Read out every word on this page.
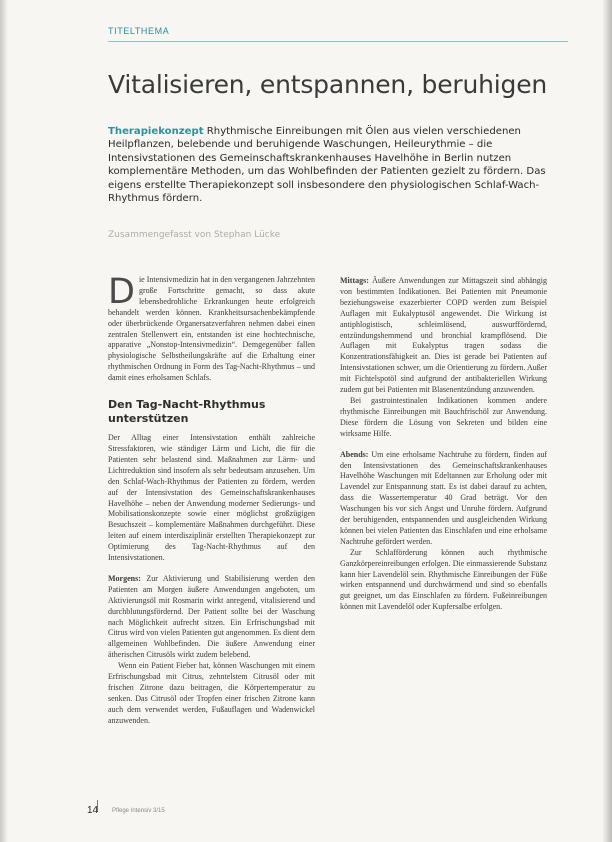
TITELTHEMA
Vitalisieren, entspannen, beruhigen
Therapiekonzept Rhythmische Einreibungen mit Ölen aus vielen verschiedenen Heilpflanzen, belebende und beruhigende Waschungen, Heileurythmie – die Intensivstationen des Gemeinschaftskrankenhauses Havelhöhe in Berlin nutzen komplementäre Methoden, um das Wohlbefinden der Patienten gezielt zu fördern. Das eigens erstellte Therapiekonzept soll insbesondere den physiologischen Schlaf-Wach-Rhythmus fördern.
Zusammengefasst von Stephan Lücke

Die Intensivmedizin hat in den vergangenen Jahrzehnten große Fortschritte gemacht, so dass akute lebensbedrohliche Erkrankungen heute erfolgreich behandelt werden können. Krankheitsursachenbekämpfende oder überbrückende Organersatzverfahren nehmen dabei einen zentralen Stellenwert ein, entstanden ist eine hochtechnische, apparative „Nonstop-Intensivmedizin“. Demgegenüber fallen physiologische Selbstheilungskräfte auf die Erhaltung einer rhythmischen Ordnung in Form des Tag-Nacht-Rhythmus – und damit eines erholsamen Schlafs.

Den Tag-Nacht-Rhythmus unterstützen

Der Alltag einer Intensivstation enthält zahlreiche Stressfaktoren, wie ständiger Lärm und Licht, die für die Patienten sehr belastend sind. Maßnahmen zur Lärm- und Lichtreduktion sind insofern als sehr bedeutsam anzusehen. Um den Schlaf-Wach-Rhythmus der Patienten zu fördern, werden auf der Intensivstation des Gemeinschaftskrankenhauses Havelhöhe – neben der Anwendung moderner Sedierungs- und Mobilisationskonzepte sowie einer möglichst großzügigen Besuchszeit – komplementäre Maßnahmen durchgeführt. Diese leiten auf einem interdisziplinär erstellten Therapiekonzept zur Optimierung des Tag-Nacht-Rhythmus auf den Intensivstationen.

Morgens: Zur Aktivierung und Stabilisierung werden den Patienten am Morgen äußere Anwendungen angeboten, um Aktivierungsöl mit Rosmarin wirkt anregend, vitalisierend und durchblutungsfördernd. Der Patient sollte bei der Waschung nach Möglichkeit aufrecht sitzen. Ein Erfrischungsbad mit Citrus wird von vielen Patienten gut angenommen. Es dient dem allgemeinen Wohlbefinden. Die äußere Anwendung einer ätherischen Citrusöls wirkt zudem belebend.

Wenn ein Patient Fieber hat, können Waschungen mit einem Erfrischungsbad mit Citrus, zehntelstem Citrusöl oder mit frischen Zitrone dazu beitragen, die Körpertemperatur zu senken. Das Citrusöl oder Tropfen einer frischen Zitrone kann auch dem verwendet werden, Fußauflagen und Wadenwickel anzuwenden.

Mittags: Äußere Anwendungen zur Mittagszeit sind abhängig von bestimmten Indikationen. Bei Patienten mit Pneumonie beziehungsweise exazerbierter COPD werden zum Beispiel Auflagen mit Eukalyptusöl angewendet. Die Wirkung ist antiphlogistisch, schleimlösend, auswurffördernd, entzündungshemmend und bronchial krampflösend. Die Auflagen mit Eukalyptus tragen sodass die Konzentrationsfähigkeit an. Dies ist gerade bei Patienten auf Intensivstationen schwer, um die Orientierung zu fördern. Außer mit Fichtelspotöl sind aufgrund der antibakteriellen Wirkung zudem gut bei Patienten mit Blasenentzündung anzuwenden.

Bei gastrointestinalen Indikationen kommen andere rhythmische Einreibungen mit Bauchfrischöl zur Anwendung. Diese fördern die Lösung von Sekreten und bilden eine wirksame Hilfe.

Abends: Um eine erholsame Nachtruhe zu fördern, finden auf den Intensivstationen des Gemeinschaftskrankenhauses Havelhöhe Waschungen mit Edeltannen zur Erholung oder mit Lavendel zur Entspannung statt. Es ist dabei darauf zu achten, dass die Wassertemperatur 40 Grad beträgt. Vor den Waschungen bis vor sich Angst und Unruhe fördern. Aufgrund der beruhigenden, entspannenden und ausgleichenden Wirkung können bei vielen Patienten das Einschlafen und eine erholsame Nachtruhe gefördert werden.

Zur Schlafförderung können auch rhythmische Ganzkörpereinreibungen erfolgen. Die einmassierende Substanz kann hier Lavendelöl sein. Rhythmische Einreibungen der Füße wirken entspannend und durchwärmend und sind so ebenfalls gut geeignet, um das Einschlafen zu fördern. Fußeinreibungen können mit Lavendelöl oder Kupfersalbe erfolgen.

14 Pflege Intensiv 3/15
